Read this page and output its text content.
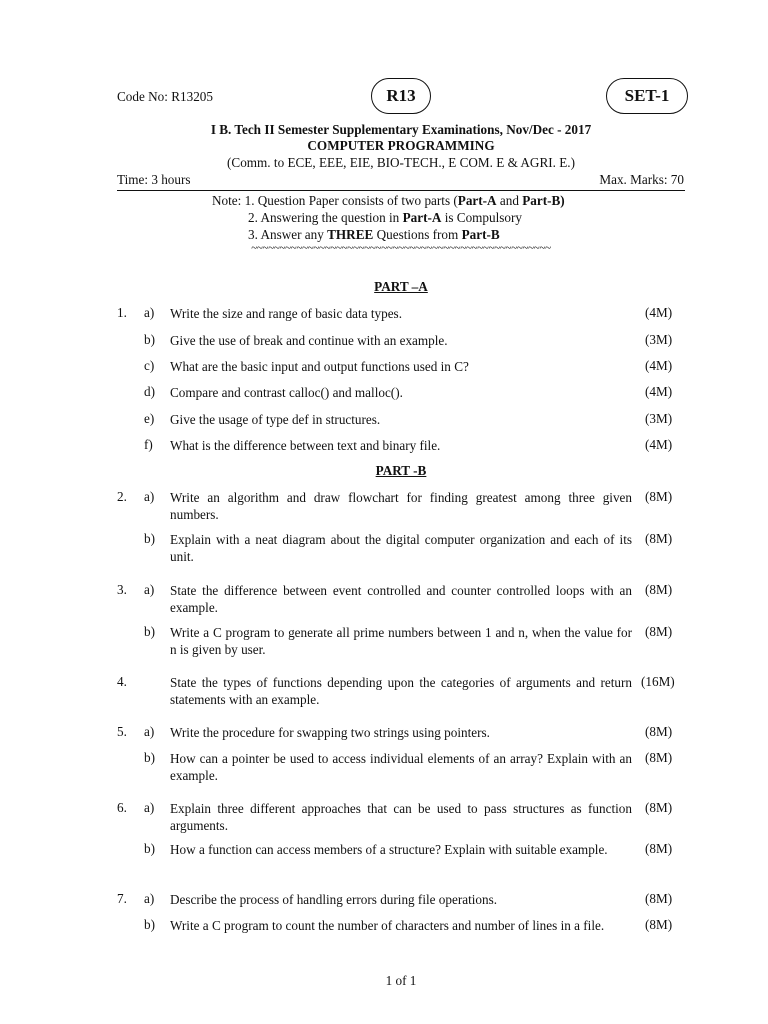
Code No: R13205	R13	SET-1
I B. Tech II Semester Supplementary Examinations, Nov/Dec - 2017
COMPUTER PROGRAMMING
(Comm. to ECE, EEE, EIE, BIO-TECH., E COM. E & AGRI. E.)
Time: 3 hours	Max. Marks: 70
Note: 1. Question Paper consists of two parts (Part-A and Part-B)
2. Answering the question in Part-A is Compulsory
3. Answer any THREE Questions from Part-B
~~~~~~~~~~~~~~~~~~~~~~~~~~~~~~~~~~~~~~~~~~~~~~~~~~~~~
PART –A
1.	a)	Write the size and range of basic data types.	(4M)
b)	Give the use of break and continue with an example.	(3M)
c)	What are the basic input and output functions used in C?	(4M)
d)	Compare and contrast calloc() and malloc().	(4M)
e)	Give the usage of type def in structures.	(3M)
f)	What is the difference between text and binary file.	(4M)
PART -B
2.	a)	Write an algorithm and draw flowchart for finding greatest among three given numbers.
(8M)
b)	Explain with a neat diagram about the digital computer organization and each of its unit.
(8M)
3.	a)	State the difference between event controlled and counter controlled loops with an example.
(8M)
b)	Write a C program to generate all prime numbers between 1 and n, when the value for n is given by user.
(8M)
4.	State the types of functions depending upon the categories of arguments and return statements with an example.
(16M)
5.	a)	Write the procedure for swapping two strings using pointers.	(8M)
b)	How can a pointer be used to access individual elements of an array? Explain with an example.
(8M)
6.	a)	Explain three different approaches that can be used to pass structures as function arguments.
(8M)
b)	How a function can access members of a structure? Explain with suitable example.	(8M)
7.	a)	Describe the process of handling errors during file operations.	(8M)
b)	Write a C program to count the number of characters and number of lines in a file.	(8M)
1 of 1
